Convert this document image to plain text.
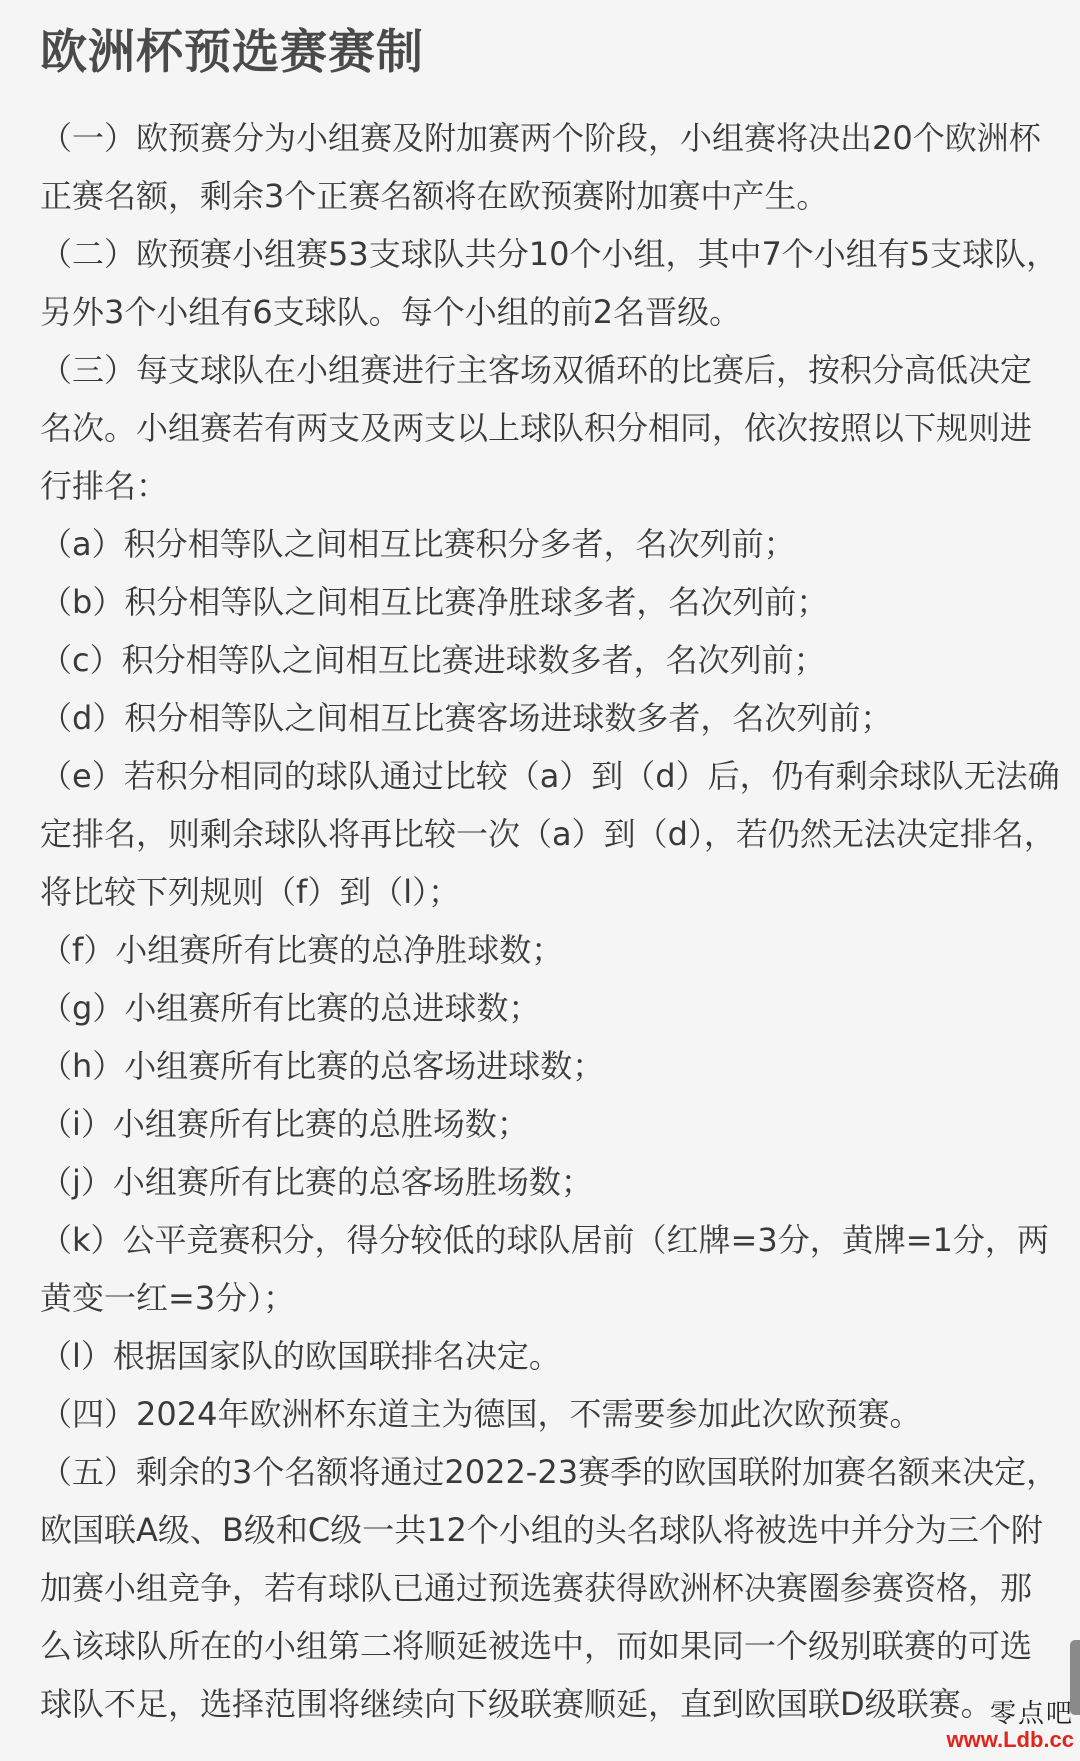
欧洲杯预选赛赛制

（一）欧预赛分为小组赛及附加赛两个阶段，小组赛将决出20个欧洲杯正赛名额，剩余3个正赛名额将在欧预赛附加赛中产生。

（二）欧预赛小组赛53支球队共分10个小组，其中7个小组有5支球队，另外3个小组有6支球队。每个小组的前2名晋级。

（三）每支球队在小组赛进行主客场双循环的比赛后，按积分高低决定名次。小组赛若有两支及两支以上球队积分相同，依次按照以下规则进行排名：

（a）积分相等队之间相互比赛积分多者，名次列前；

（b）积分相等队之间相互比赛净胜球多者，名次列前；

（c）积分相等队之间相互比赛进球数多者，名次列前；

（d）积分相等队之间相互比赛客场进球数多者，名次列前；

（e）若积分相同的球队通过比较（a）到（d）后，仍有剩余球队无法确定排名，则剩余球队将再比较一次（a）到（d），若仍然无法决定排名，将比较下列规则（f）到（l）；

（f）小组赛所有比赛的总净胜球数；

（g）小组赛所有比赛的总进球数；

（h）小组赛所有比赛的总客场进球数；

（i）小组赛所有比赛的总胜场数；

（j）小组赛所有比赛的总客场胜场数；

（k）公平竞赛积分，得分较低的球队居前（红牌=3分，黄牌=1分，两黄变一红=3分）；

（l）根据国家队的欧国联排名决定。

（四）2024年欧洲杯东道主为德国，不需要参加此次欧预赛。

（五）剩余的3个名额将通过2022-23赛季的欧国联附加赛名额来决定，欧国联A级、B级和C级一共12个小组的头名球队将被选中并分为三个附加赛小组竞争，若有球队已通过预选赛获得欧洲杯决赛圈参赛资格，那么该球队所在的小组第二将顺延被选中，而如果同一个级别联赛的可选球队不足，选择范围将继续向下级联赛顺延，直到欧国联D级联赛。

零点吧
www.Ldb.cc
